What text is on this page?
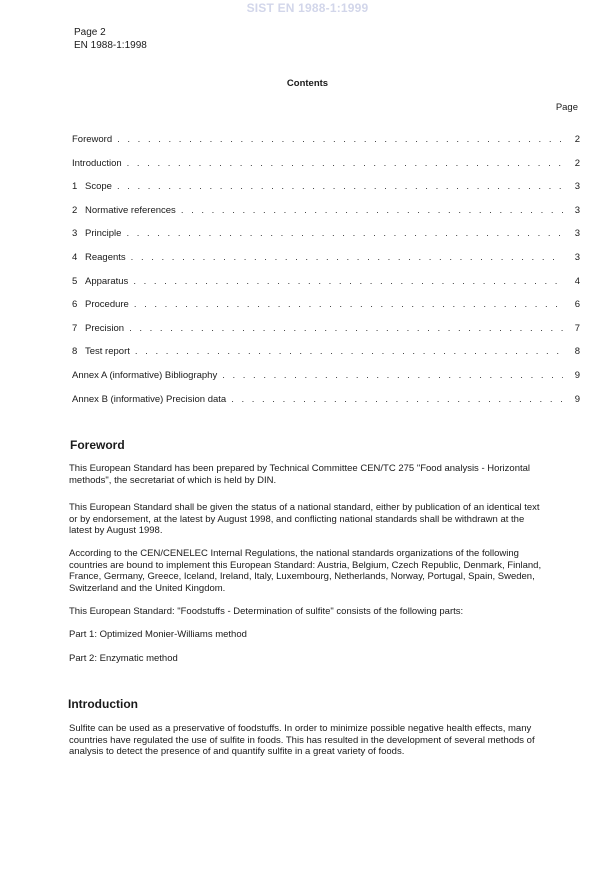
SIST EN 1988-1:1999
Page 2
EN 1988-1:1998
Contents
Page
Foreword . . .	2
Introduction . . .	2
1 Scope . . .	3
2 Normative references . . .	3
3 Principle . . .	3
4 Reagents . . .	3
5 Apparatus . . .	4
6 Procedure . . .	6
7 Precision . . .	7
8 Test report . . .	8
Annex A (informative) Bibliography . . .	9
Annex B (informative) Precision data . . .	9
Foreword

This European Standard has been prepared by Technical Committee CEN/TC 275 "Food analysis - Horizontal
methods", the secretariat of which is held by DIN.

This European Standard shall be given the status of a national standard, either by publication of an identical text
or by endorsement, at the latest by August 1998, and conflicting national standards shall be withdrawn at the
latest by August 1998.

According to the CEN/CENELEC Internal Regulations, the national standards organizations of the following
countries are bound to implement this European Standard: Austria, Belgium, Czech Republic, Denmark, Finland,
France, Germany, Greece, Iceland, Ireland, Italy, Luxembourg, Netherlands, Norway, Portugal, Spain, Sweden,
Switzerland and the United Kingdom.

This European Standard: "Foodstuffs - Determination of sulfite" consists of the following parts:

Part 1: Optimized Monier-Williams method

Part 2: Enzymatic method

Introduction

Sulfite can be used as a preservative of foodstuffs. In order to minimize possible negative health effects, many
countries have regulated the use of sulfite in foods. This has resulted in the development of several methods of
analysis to detect the presence of and quantify sulfite in a great variety of foods.
